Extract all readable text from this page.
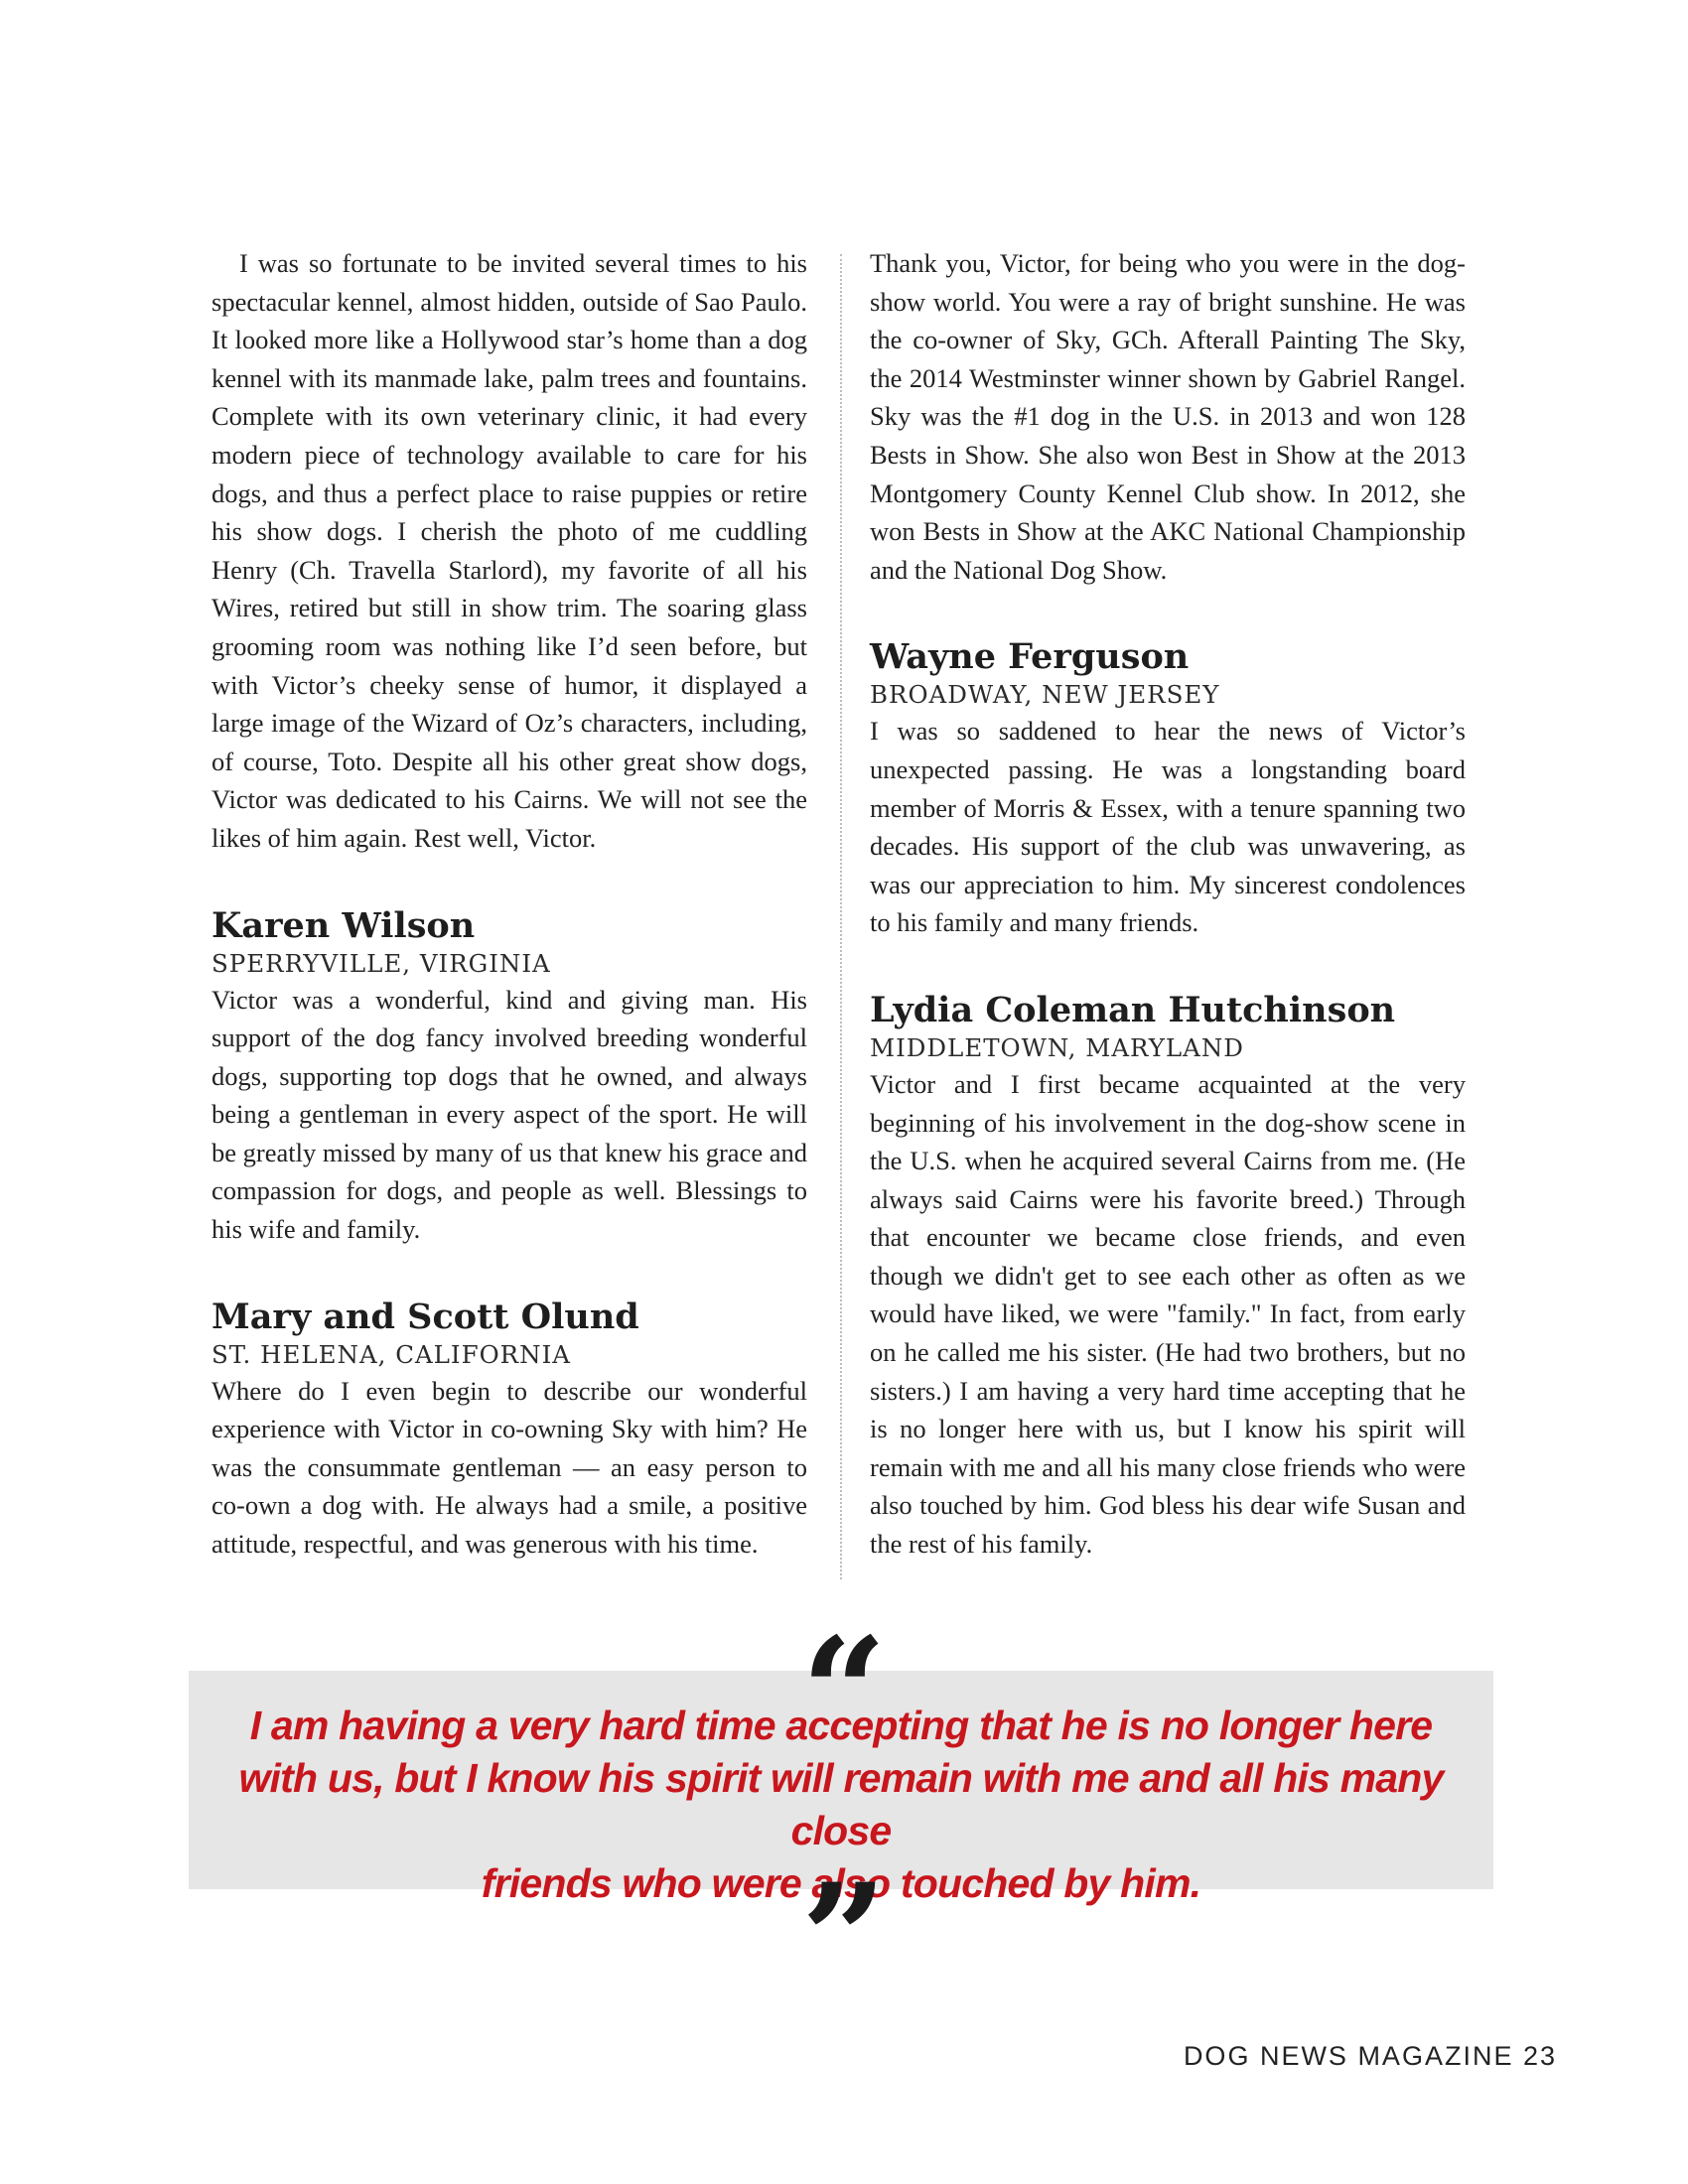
I was so fortunate to be invited several times to his spectacular kennel, almost hidden, outside of Sao Paulo. It looked more like a Hollywood star’s home than a dog kennel with its manmade lake, palm trees and fountains. Complete with its own veterinary clinic, it had every modern piece of technology available to care for his dogs, and thus a perfect place to raise puppies or retire his show dogs. I cherish the photo of me cuddling Henry (Ch. Travella Starlord), my favorite of all his Wires, retired but still in show trim. The soaring glass grooming room was nothing like I’d seen before, but with Victor’s cheeky sense of humor, it displayed a large image of the Wizard of Oz’s characters, including, of course, Toto. Despite all his other great show dogs, Victor was dedicated to his Cairns. We will not see the likes of him again. Rest well, Victor.

Karen Wilson
SPERRYVILLE, VIRGINIA

Victor was a wonderful, kind and giving man. His support of the dog fancy involved breeding wonderful dogs, supporting top dogs that he owned, and always being a gentleman in every aspect of the sport. He will be greatly missed by many of us that knew his grace and compassion for dogs, and people as well. Blessings to his wife and family.

Mary and Scott Olund
ST. HELENA, CALIFORNIA

Where do I even begin to describe our wonderful experience with Victor in co-owning Sky with him? He was the consummate gentleman — an easy person to co-own a dog with. He always had a smile, a positive attitude, respectful, and was generous with his time.

Thank you, Victor, for being who you were in the dog-show world. You were a ray of bright sunshine. He was the co-owner of Sky, GCh. Afterall Painting The Sky, the 2014 Westminster winner shown by Gabriel Rangel. Sky was the #1 dog in the U.S. in 2013 and won 128 Bests in Show. She also won Best in Show at the 2013 Montgomery County Kennel Club show. In 2012, she won Bests in Show at the AKC National Championship and the National Dog Show.

Wayne Ferguson
BROADWAY, NEW JERSEY

I was so saddened to hear the news of Victor’s unexpected passing. He was a longstanding board member of Morris & Essex, with a tenure spanning two decades. His support of the club was unwavering, as was our appreciation to him. My sincerest condolences to his family and many friends.

Lydia Coleman Hutchinson
MIDDLETOWN, MARYLAND

Victor and I first became acquainted at the very beginning of his involvement in the dog-show scene in the U.S. when he acquired several Cairns from me. (He always said Cairns were his favorite breed.) Through that encounter we became close friends, and even though we didn't get to see each other as often as we would have liked, we were "family." In fact, from early on he called me his sister. (He had two brothers, but no sisters.) I am having a very hard time accepting that he is no longer here with us, but I know his spirit will remain with me and all his many close friends who were also touched by him. God bless his dear wife Susan and the rest of his family.

“
I am having a very hard time accepting that he is no longer here
with us, but I know his spirit will remain with me and all his many close
friends who were also touched by him.
”
DOG NEWS MAGAZINE 23
